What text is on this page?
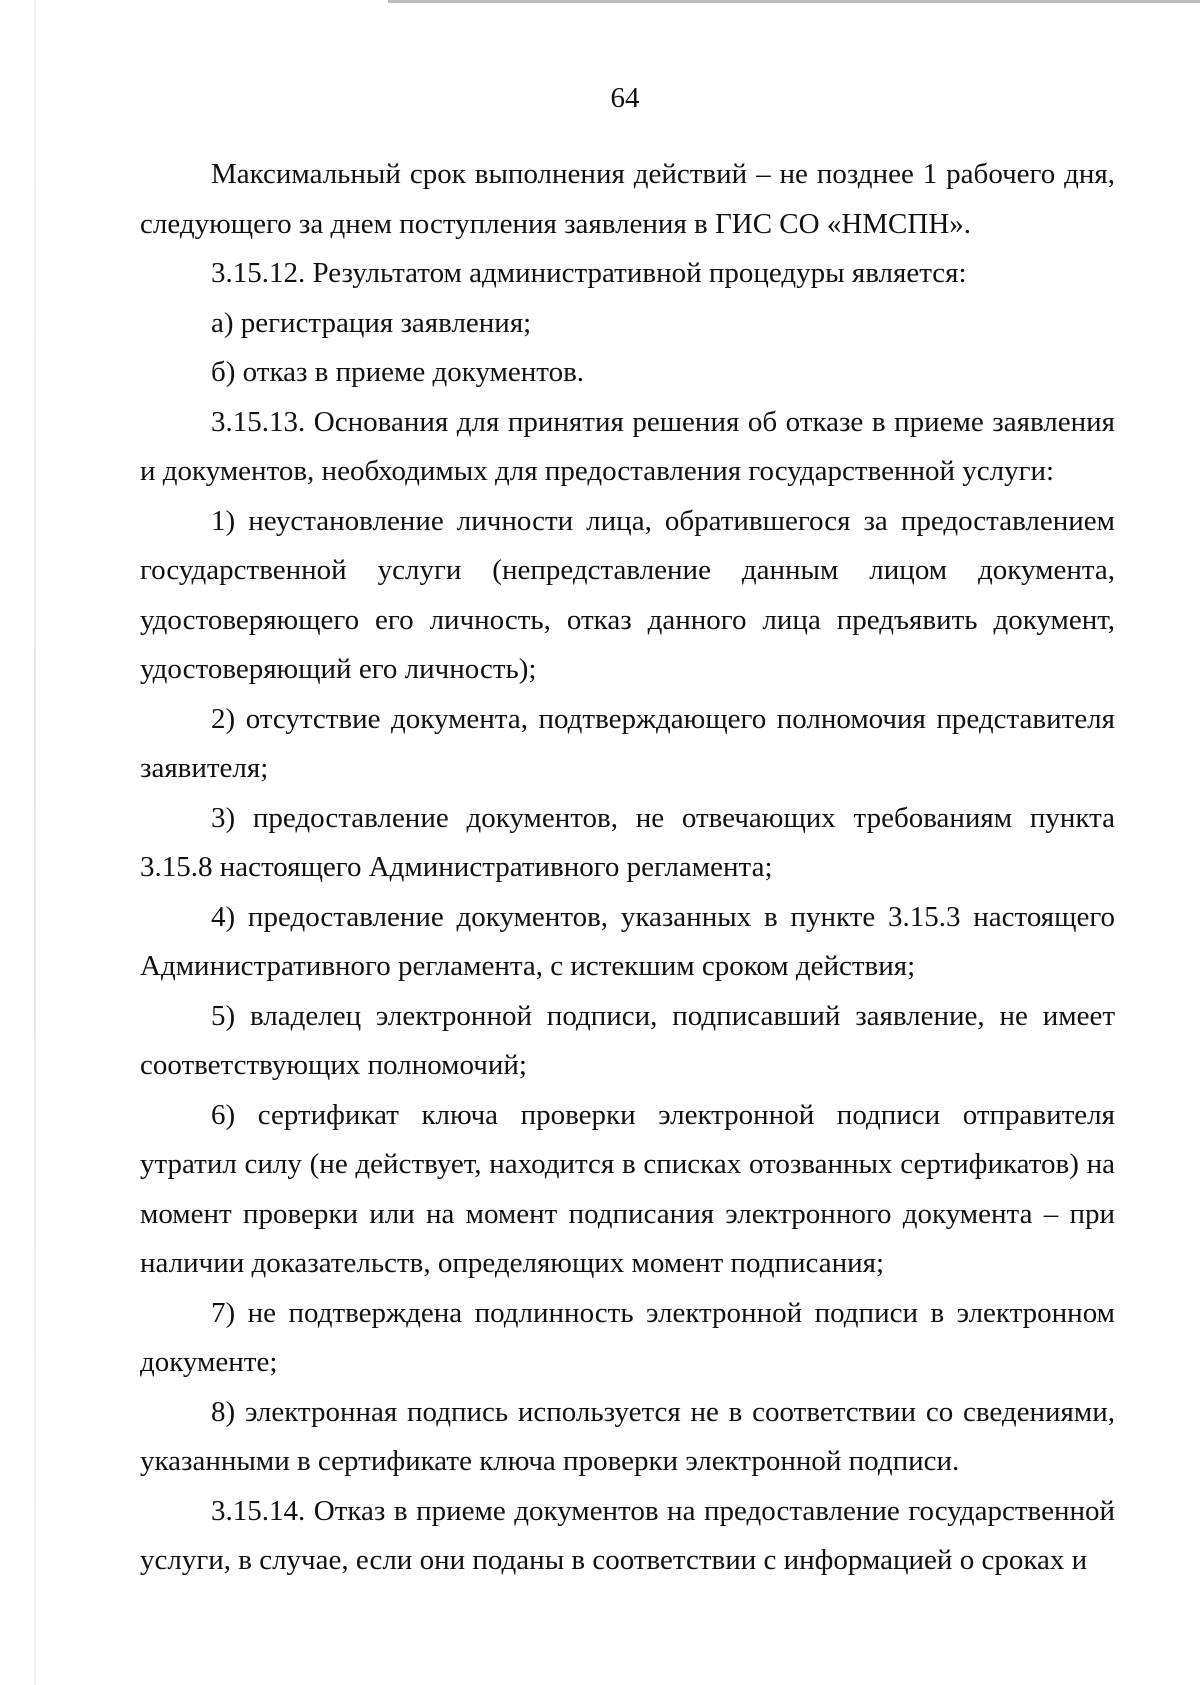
64

Максимальный срок выполнения действий – не позднее 1 рабочего дня, следующего за днем поступления заявления в ГИС СО «НМСПН».

3.15.12. Результатом административной процедуры является:

а) регистрация заявления;

б) отказ в приеме документов.

3.15.13. Основания для принятия решения об отказе в приеме заявления и документов, необходимых для предоставления государственной услуги:

1) неустановление личности лица, обратившегося за предоставлением государственной услуги (непредставление данным лицом документа, удостоверяющего его личность, отказ данного лица предъявить документ, удостоверяющий его личность);

2) отсутствие документа, подтверждающего полномочия представителя заявителя;

3) предоставление документов, не отвечающих требованиям пункта 3.15.8 настоящего Административного регламента;

4) предоставление документов, указанных в пункте 3.15.3 настоящего Административного регламента, с истекшим сроком действия;

5) владелец электронной подписи, подписавший заявление, не имеет соответствующих полномочий;

6) сертификат ключа проверки электронной подписи отправителя утратил силу (не действует, находится в списках отозванных сертификатов) на момент проверки или на момент подписания электронного документа – при наличии доказательств, определяющих момент подписания;

7) не подтверждена подлинность электронной подписи в электронном документе;

8) электронная подпись используется не в соответствии со сведениями, указанными в сертификате ключа проверки электронной подписи.

3.15.14. Отказ в приеме документов на предоставление государственной услуги, в случае, если они поданы в соответствии с информацией о сроках и
